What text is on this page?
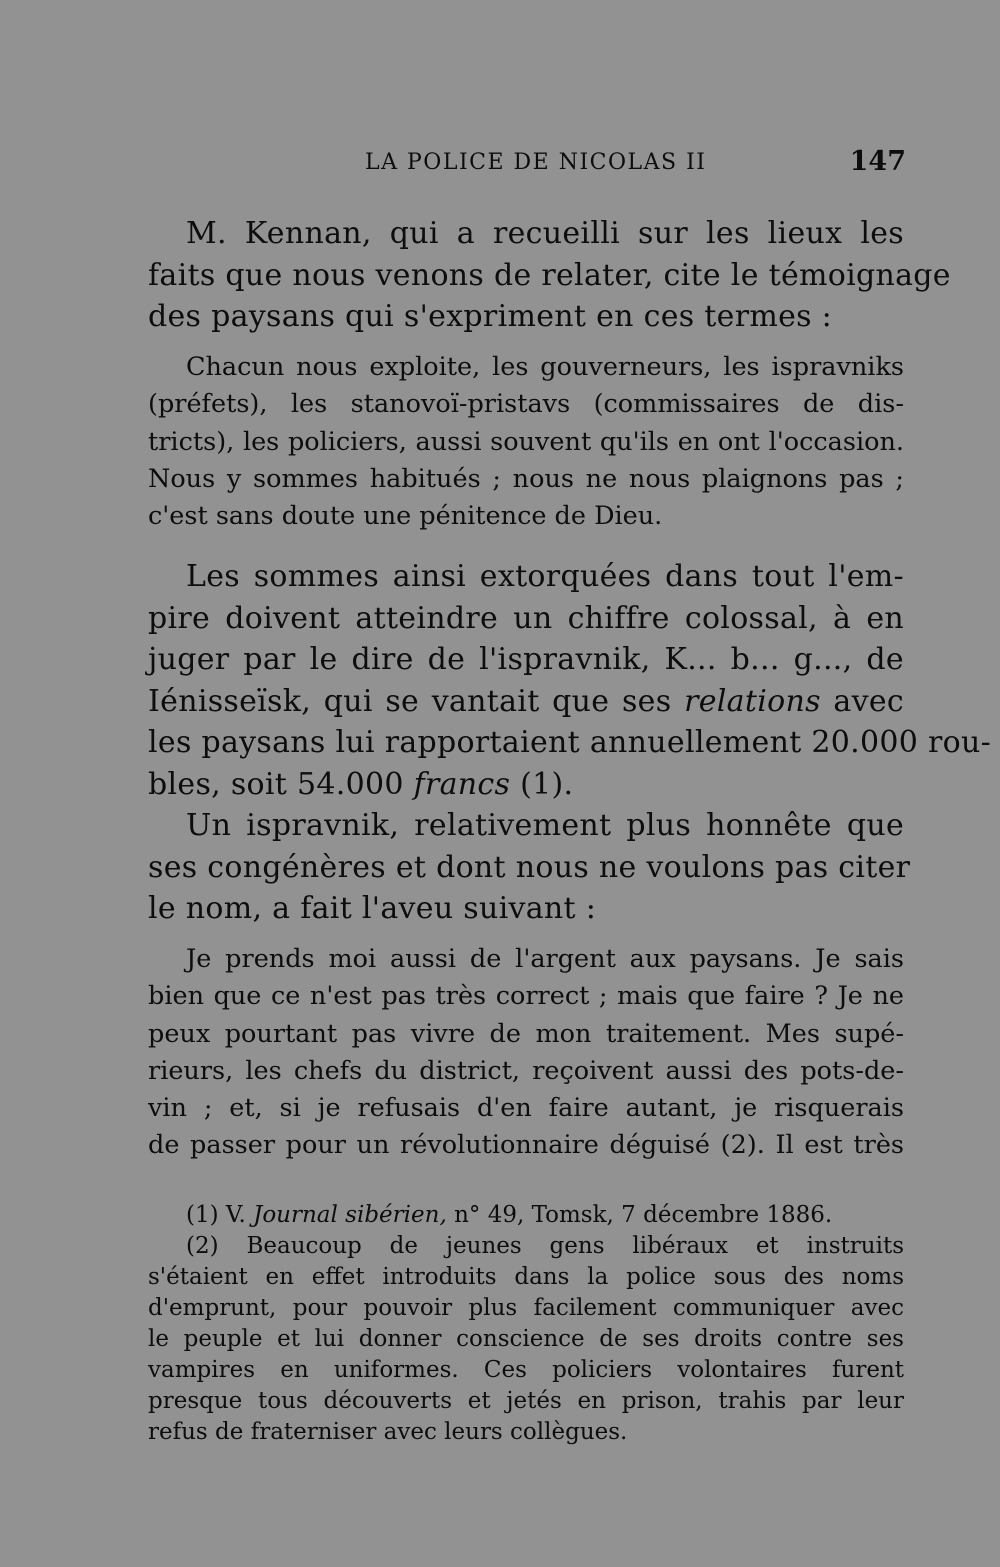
LA POLICE DE NICOLAS II	147
M. Kennan, qui a recueilli sur les lieux les
faits que nous venons de relater, cite le témoignage
des paysans qui s'expriment en ces termes :
Chacun nous exploite, les gouverneurs, les ispravniks
(préfets), les stanovoï-pristavs (commissaires de dis-
tricts), les policiers, aussi souvent qu'ils en ont l'occasion.
Nous y sommes habitués ; nous ne nous plaignons pas ;
c'est sans doute une pénitence de Dieu.
Les sommes ainsi extorquées dans tout l'em-
pire doivent atteindre un chiffre colossal, à en
juger par le dire de l'ispravnik, K... b... g..., de
Iénisseïsk, qui se vantait que ses relations avec
les paysans lui rapportaient annuellement 20.000 rou-
bles, soit 54.000 francs (1).
Un ispravnik, relativement plus honnête que
ses congénères et dont nous ne voulons pas citer
le nom, a fait l'aveu suivant :
Je prends moi aussi de l'argent aux paysans. Je sais
bien que ce n'est pas très correct ; mais que faire ? Je ne
peux pourtant pas vivre de mon traitement. Mes supé-
rieurs, les chefs du district, reçoivent aussi des pots-de-
vin ; et, si je refusais d'en faire autant, je risquerais
de passer pour un révolutionnaire déguisé (2). Il est très
(1) V. Journal sibérien, n° 49, Tomsk, 7 décembre 1886.
(2) Beaucoup de jeunes gens libéraux et instruits
s'étaient en effet introduits dans la police sous des noms
d'emprunt, pour pouvoir plus facilement communiquer avec
le peuple et lui donner conscience de ses droits contre ses
vampires en uniformes. Ces policiers volontaires furent
presque tous découverts et jetés en prison, trahis par leur
refus de fraterniser avec leurs collègues.
